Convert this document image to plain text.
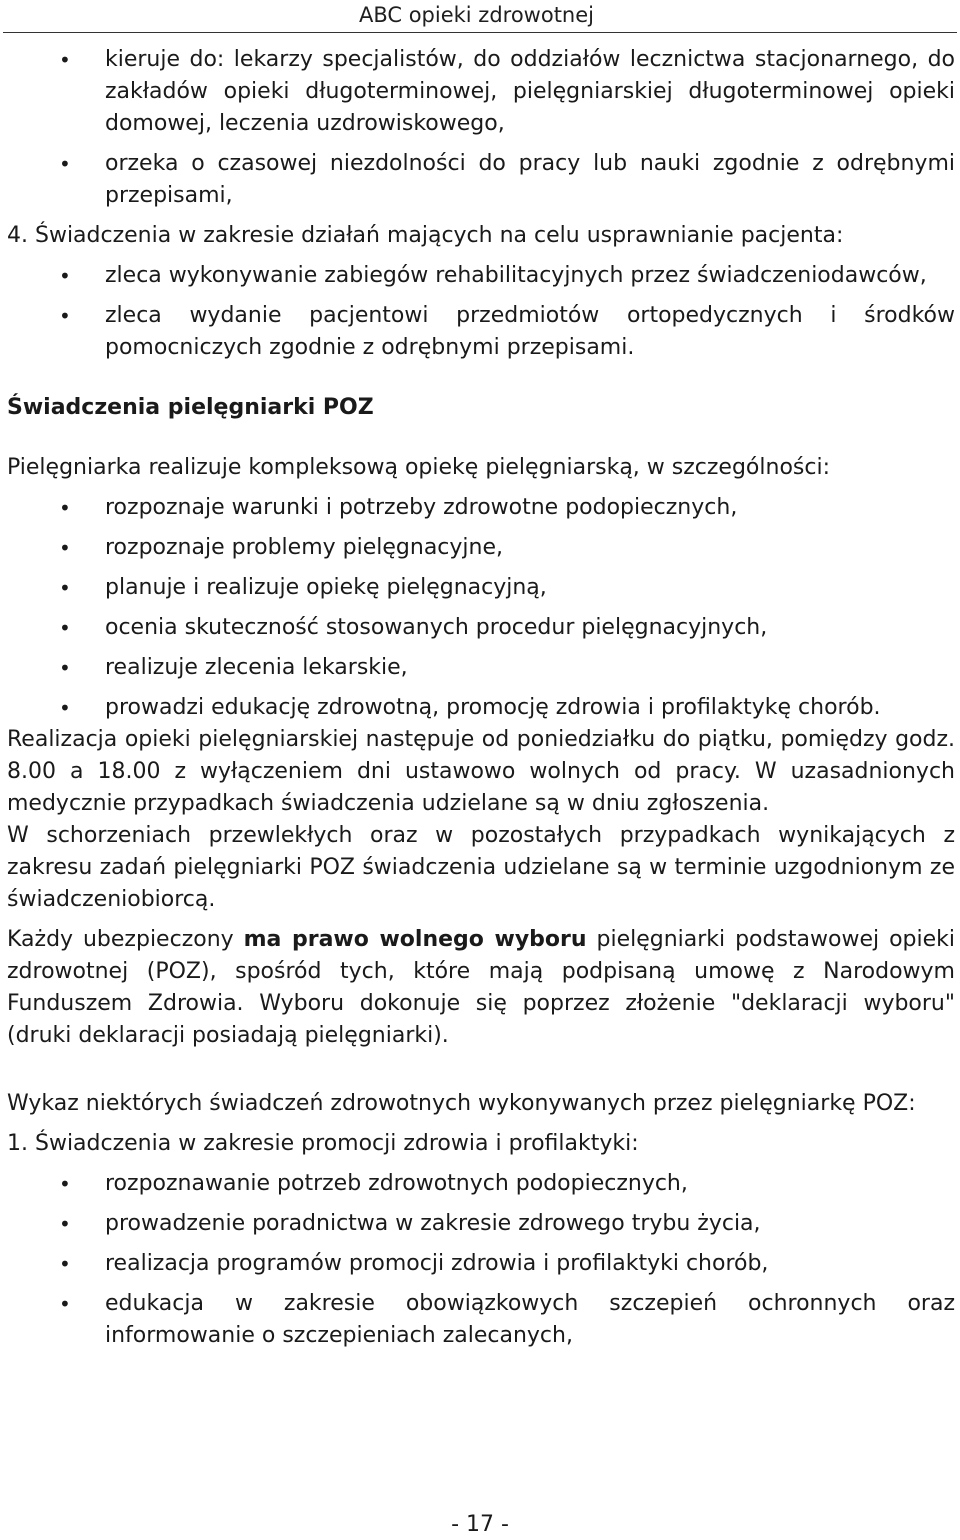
ABC opieki zdrowotnej

• kieruje do: lekarzy specjalistów, do oddziałów lecznictwa stacjonarnego, do zakładów opieki długoterminowej, pielęgniarskiej długoterminowej opieki domowej, leczenia uzdrowiskowego,

• orzeka o czasowej niezdolności do pracy lub nauki zgodnie z odrębnymi przepisami,

4. Świadczenia w zakresie działań mających na celu usprawnianie pacjenta:

• zleca wykonywanie zabiegów rehabilitacyjnych przez świadczeniodawców,

• zleca wydanie pacjentowi przedmiotów ortopedycznych i środków pomocniczych zgodnie z odrębnymi przepisami.

Świadczenia pielęgniarki POZ

Pielęgniarka realizuje kompleksową opiekę pielęgniarską, w szczególności:

• rozpoznaje warunki i potrzeby zdrowotne podopiecznych,

• rozpoznaje problemy pielęgnacyjne,

• planuje i realizuje opiekę pielęgnacyjną,

• ocenia skuteczność stosowanych procedur pielęgnacyjnych,

• realizuje zlecenia lekarskie,

• prowadzi edukację zdrowotną, promocję zdrowia i profilaktykę chorób.

Realizacja opieki pielęgniarskiej następuje od poniedziałku do piątku, pomiędzy godz. 8.00 a 18.00 z wyłączeniem dni ustawowo wolnych od pracy. W uzasadnionych medycznie przypadkach świadczenia udzielane są w dniu zgłoszenia.

W schorzeniach przewlekłych oraz w pozostałych przypadkach wynikających z zakresu zadań pielęgniarki POZ świadczenia udzielane są w terminie uzgodnionym ze świadczeniobiorcą.

Każdy ubezpieczony ma prawo wolnego wyboru pielęgniarki podstawowej opieki zdrowotnej (POZ), spośród tych, które mają podpisaną umowę z Narodowym Funduszem Zdrowia. Wyboru dokonuje się poprzez złożenie "deklaracji wyboru" (druki deklaracji posiadają pielęgniarki).

Wykaz niektórych świadczeń zdrowotnych wykonywanych przez pielęgniarkę POZ:

1. Świadczenia w zakresie promocji zdrowia i profilaktyki:

• rozpoznawanie potrzeb zdrowotnych podopiecznych,

• prowadzenie poradnictwa w zakresie zdrowego trybu życia,

• realizacja programów promocji zdrowia i profilaktyki chorób,

• edukacja w zakresie obowiązkowych szczepień ochronnych oraz informowanie o szczepieniach zalecanych,

- 17 -
